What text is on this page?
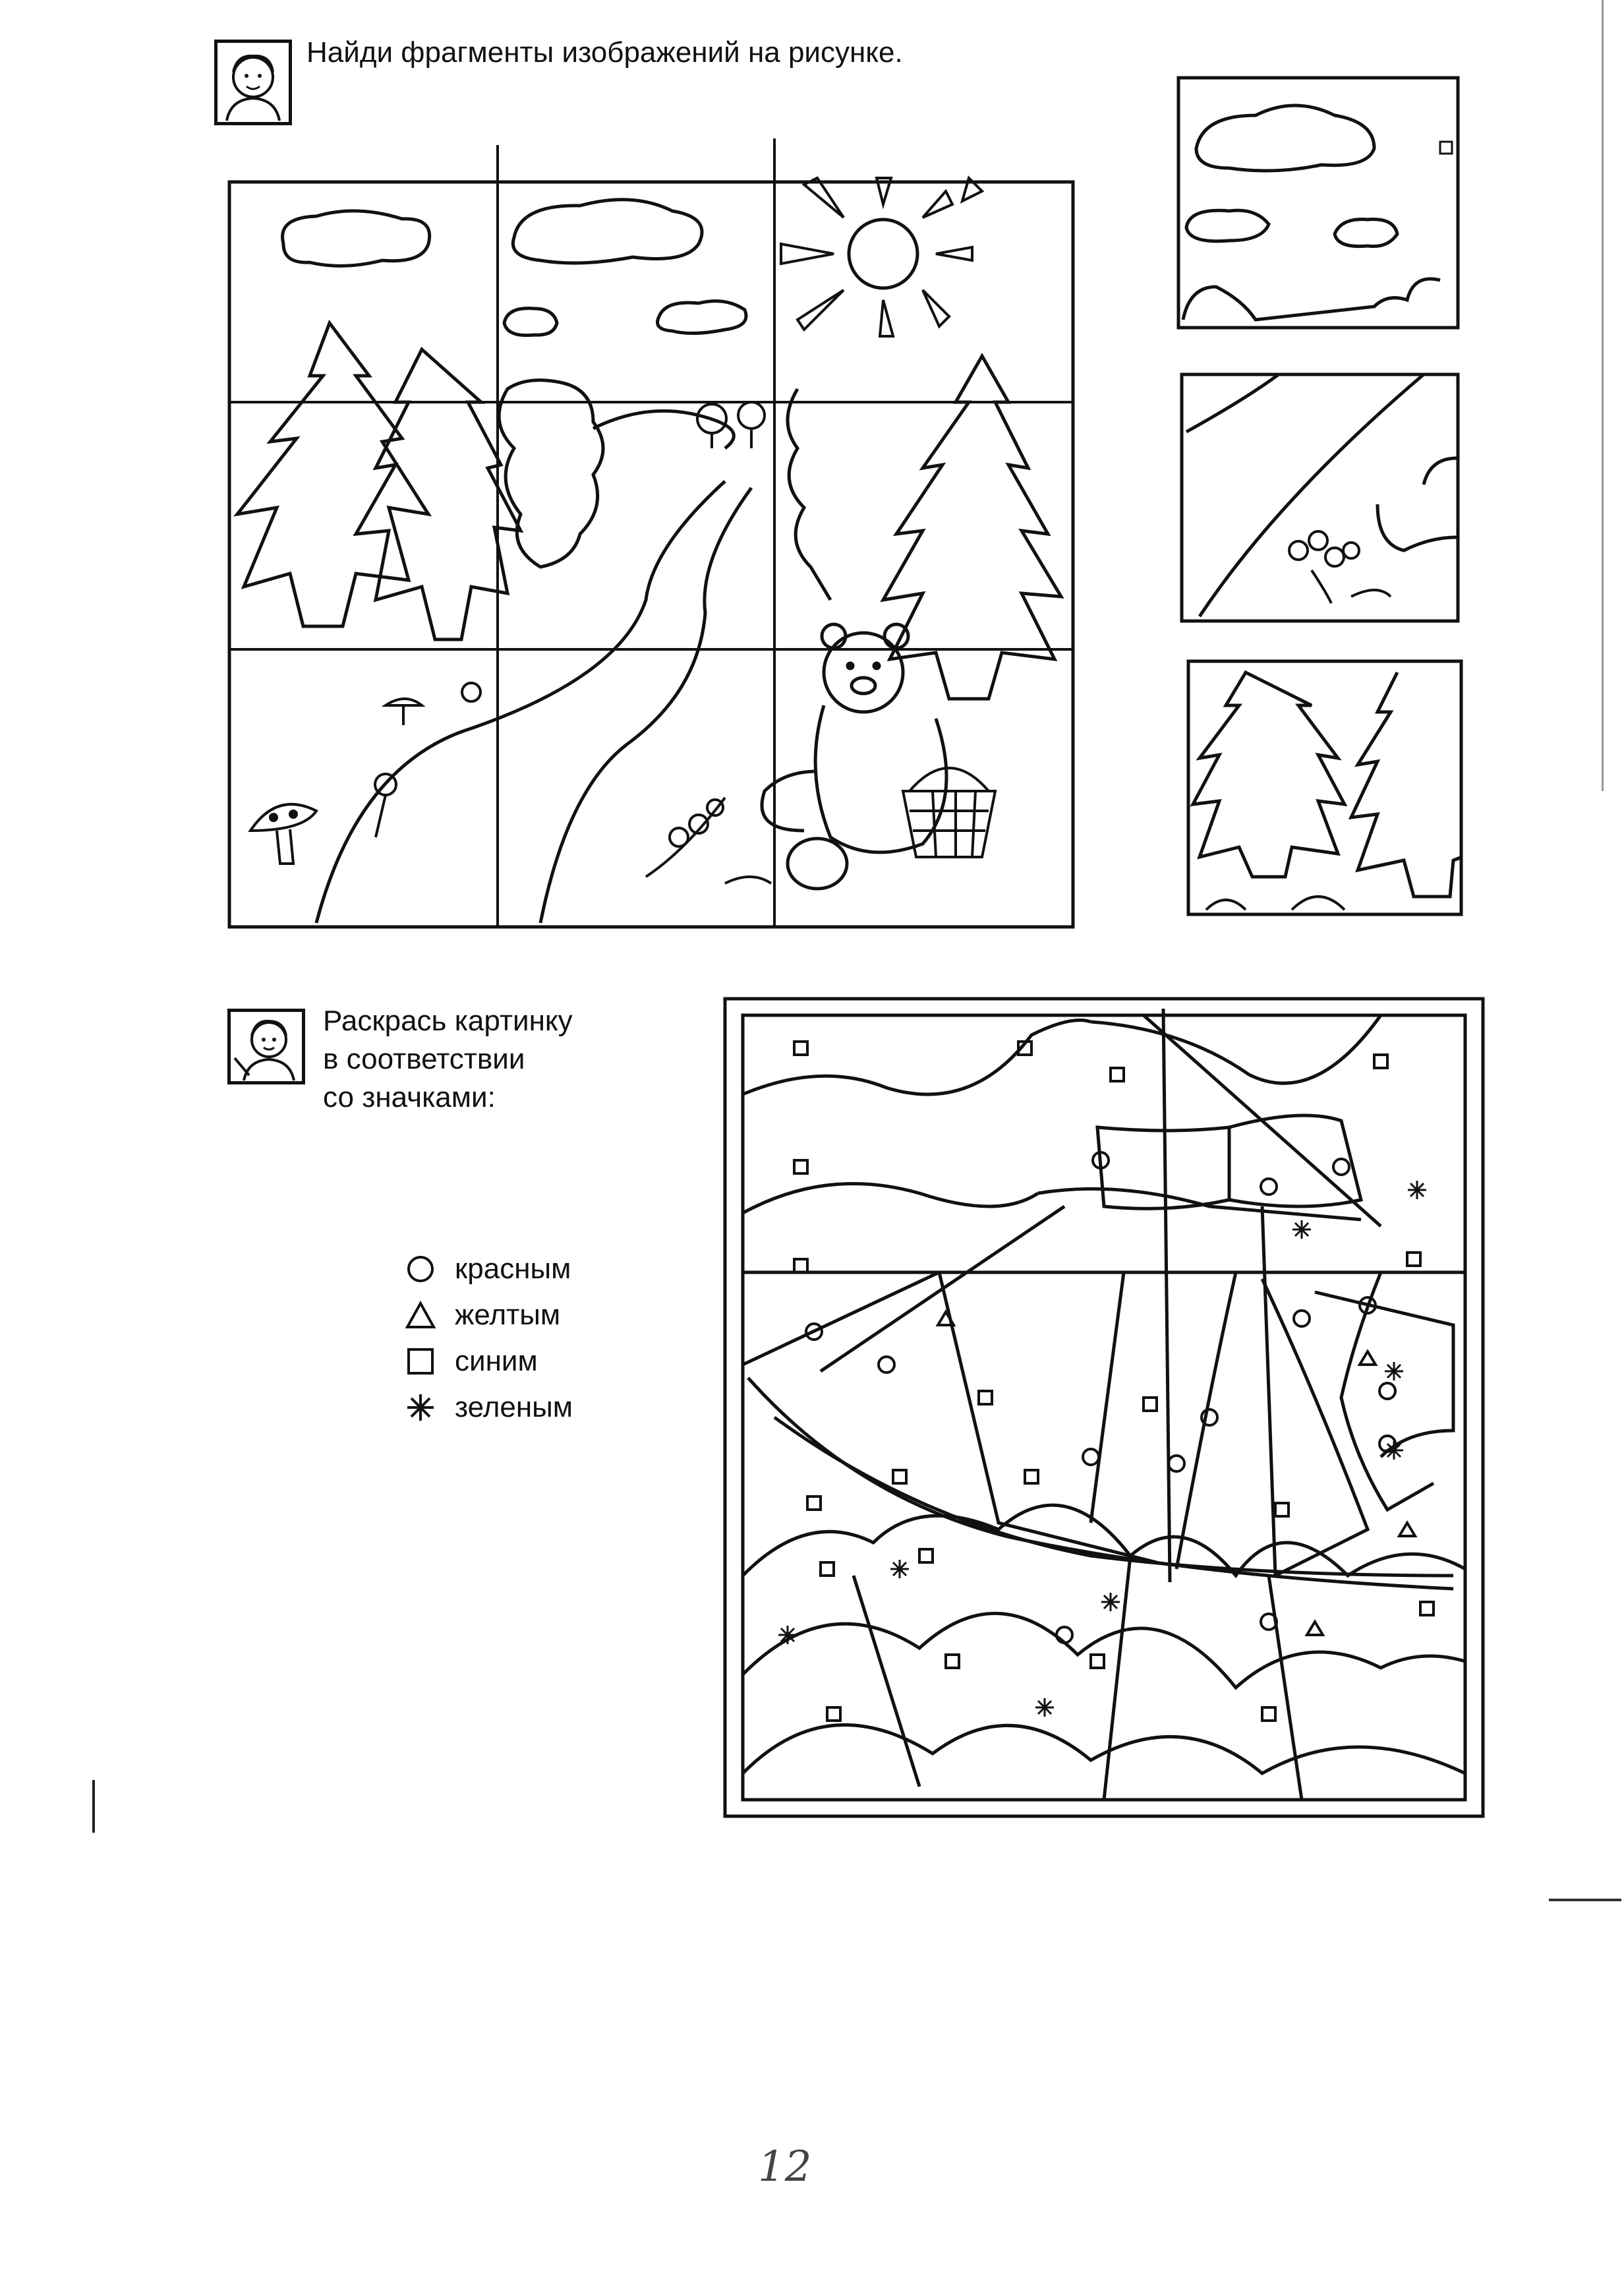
Найди фрагменты изображений на рисунке.
Раскрась картинку
в соответствии
со значками:
красным
желтым
синим
зеленым
12
